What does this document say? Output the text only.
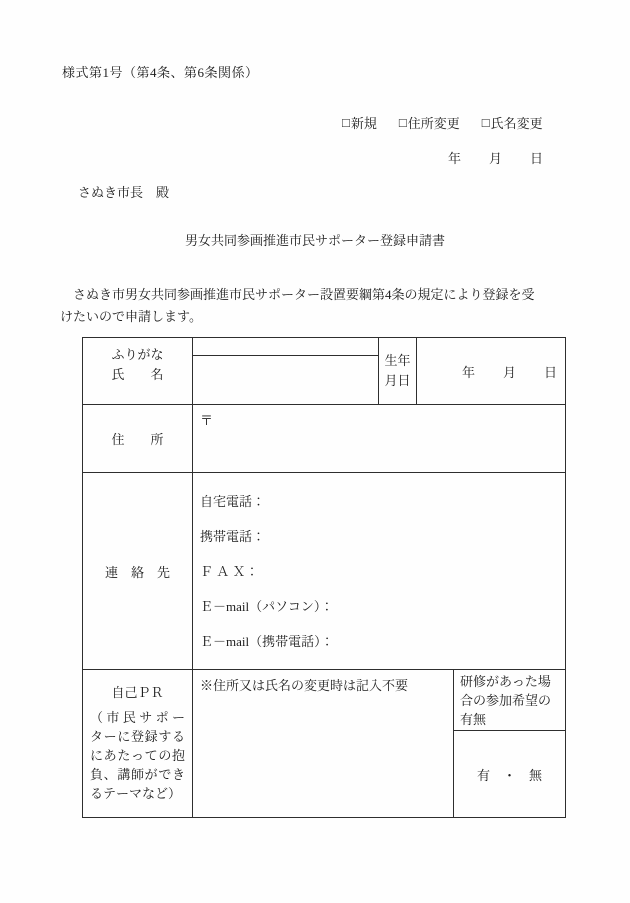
様式第1号（第4条、第6条関係）
□ 新規 □ 住所変更 □ 氏名変更
年 月 日
さぬき市長　殿
男女共同参画推進市民サポーター登録申請書
　さぬき市男女共同参画推進市民サポーター設置要綱第4条の規定により登録を受
けたいので申請します。
ふりがな
氏　　名
生年
月日
年 月 日
住　　所
〒
連　絡　先
自宅電話：
携帯電話：
Ｆ Ａ Ｘ：
Ｅ－mail（パソコン）：
Ｅ－mail（携帯電話）：
自己ＰＲ
（市民サポーターに登録するにあたっての抱負、講師ができるテーマなど）
※住所又は氏名の変更時は記入不要	研修があった場合の参加希望の有無
有　・　無
